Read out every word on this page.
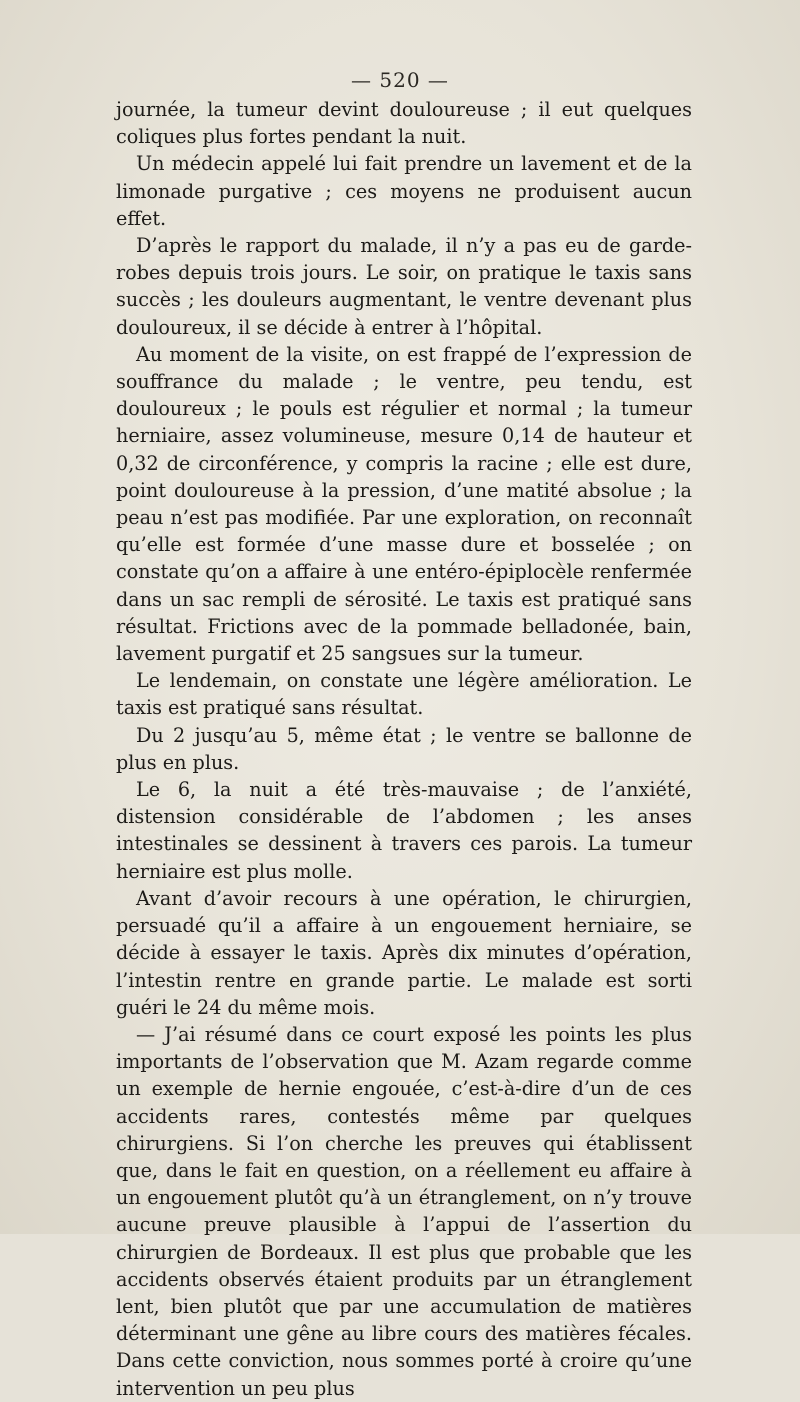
— 520 —

journée, la tumeur devint douloureuse ; il eut quelques coliques plus fortes pendant la nuit.

Un médecin appelé lui fait prendre un lavement et de la limonade purgative ; ces moyens ne produisent aucun effet.

D’après le rapport du malade, il n’y a pas eu de garde-robes depuis trois jours. Le soir, on pratique le taxis sans succès ; les douleurs augmentant, le ventre devenant plus douloureux, il se décide à entrer à l’hôpital.

Au moment de la visite, on est frappé de l’expression de souffrance du malade ; le ventre, peu tendu, est douloureux ; le pouls est régulier et normal ; la tumeur herniaire, assez volumineuse, mesure 0,14 de hauteur et 0,32 de circonférence, y compris la racine ; elle est dure, point douloureuse à la pression, d’une matité absolue ; la peau n’est pas modifiée. Par une exploration, on reconnaît qu’elle est formée d’une masse dure et bosselée ; on constate qu’on a affaire à une entéro-épiplocèle renfermée dans un sac rempli de sérosité. Le taxis est pratiqué sans résultat. Frictions avec de la pommade belladonée, bain, lavement purgatif et 25 sangsues sur la tumeur.

Le lendemain, on constate une légère amélioration. Le taxis est pratiqué sans résultat.

Du 2 jusqu’au 5, même état ; le ventre se ballonne de plus en plus.

Le 6, la nuit a été très-mauvaise ; de l’anxiété, distension considérable de l’abdomen ; les anses intestinales se dessinent à travers ces parois. La tumeur herniaire est plus molle.

Avant d’avoir recours à une opération, le chirurgien, persuadé qu’il a affaire à un engouement herniaire, se décide à essayer le taxis. Après dix minutes d’opération, l’intestin rentre en grande partie. Le malade est sorti guéri le 24 du même mois.

— J’ai résumé dans ce court exposé les points les plus importants de l’observation que M. Azam regarde comme un exemple de hernie engouée, c’est-à-dire d’un de ces accidents rares, contestés même par quelques chirurgiens. Si l’on cherche les preuves qui établissent que, dans le fait en question, on a réellement eu affaire à un engouement plutôt qu’à un étranglement, on n’y trouve aucune preuve plausible à l’appui de l’assertion du chirurgien de Bordeaux. Il est plus que probable que les accidents observés étaient produits par un étranglement lent, bien plutôt que par une accumulation de matières déterminant une gêne au libre cours des matières fécales. Dans cette conviction, nous sommes porté à croire qu’une intervention un peu plus
